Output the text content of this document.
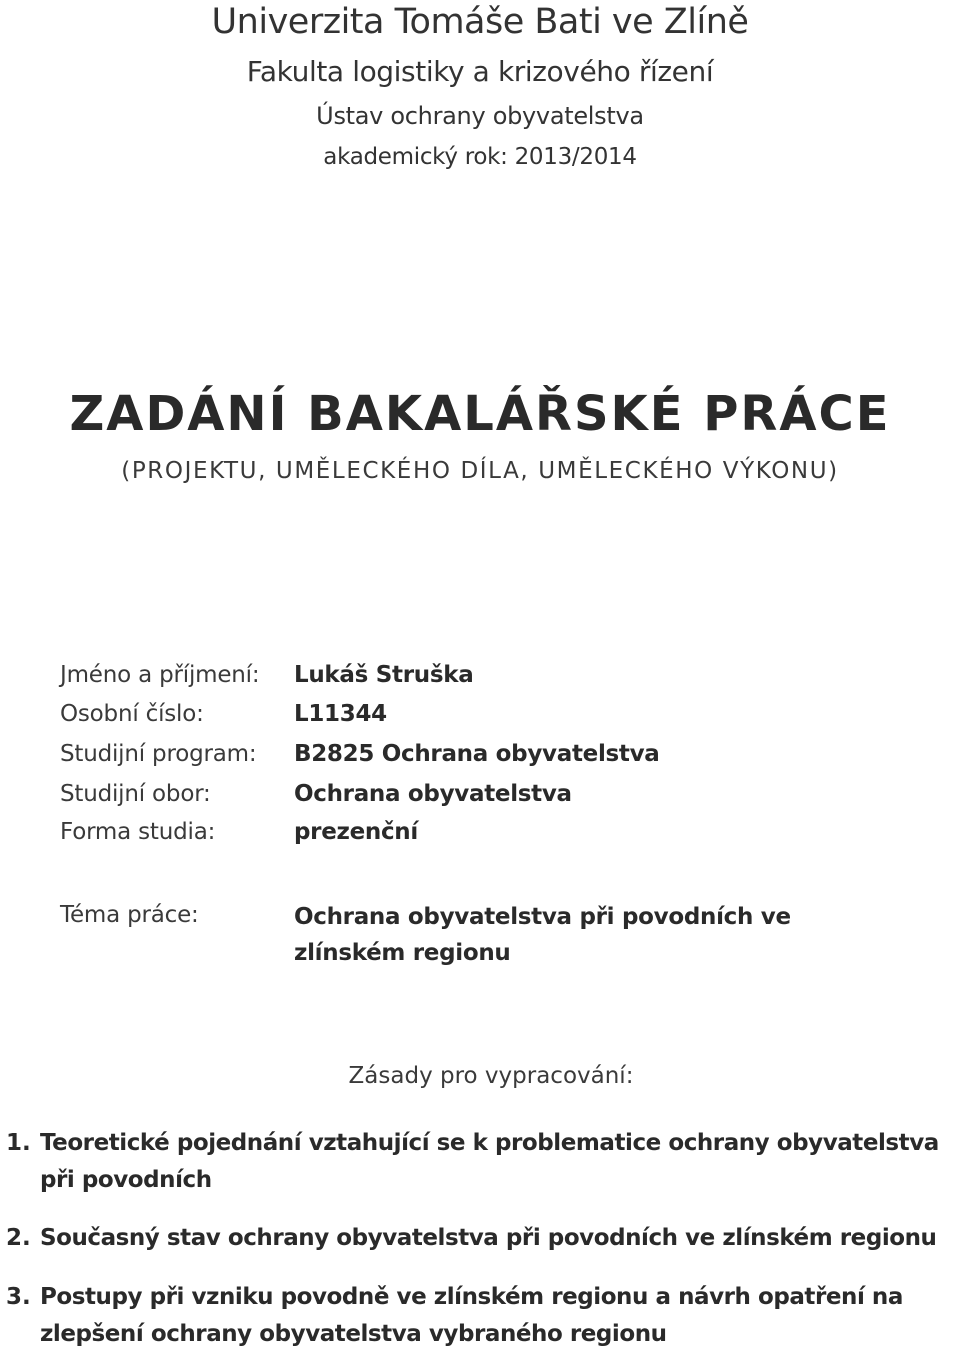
Univerzita Tomáše Bati ve Zlíně
Fakulta logistiky a krizového řízení
Ústav ochrany obyvatelstva
akademický rok: 2013/2014
ZADÁNÍ BAKALÁŘSKÉ PRÁCE
(PROJEKTU, UMĚLECKÉHO DÍLA, UMĚLECKÉHO VÝKONU)
Jméno a příjmení: Lukáš Struška
Osobní číslo:	L11344
Studijní program: B2825 Ochrana obyvatelstva
Studijní obor:	Ochrana obyvatelstva
Forma studia:	prezenční
Téma práce:	Ochrana obyvatelstva při povodních ve zlínském regionu
Zásady pro vypracování:
1. Teoretické pojednání vztahující se k problematice ochrany obyvatelstva při povodních
2. Současný stav ochrany obyvatelstva při povodních ve zlínském regionu
3. Postupy při vzniku povodně ve zlínském regionu a návrh opatření na zlepšení ochrany obyvatelstva vybraného regionu
